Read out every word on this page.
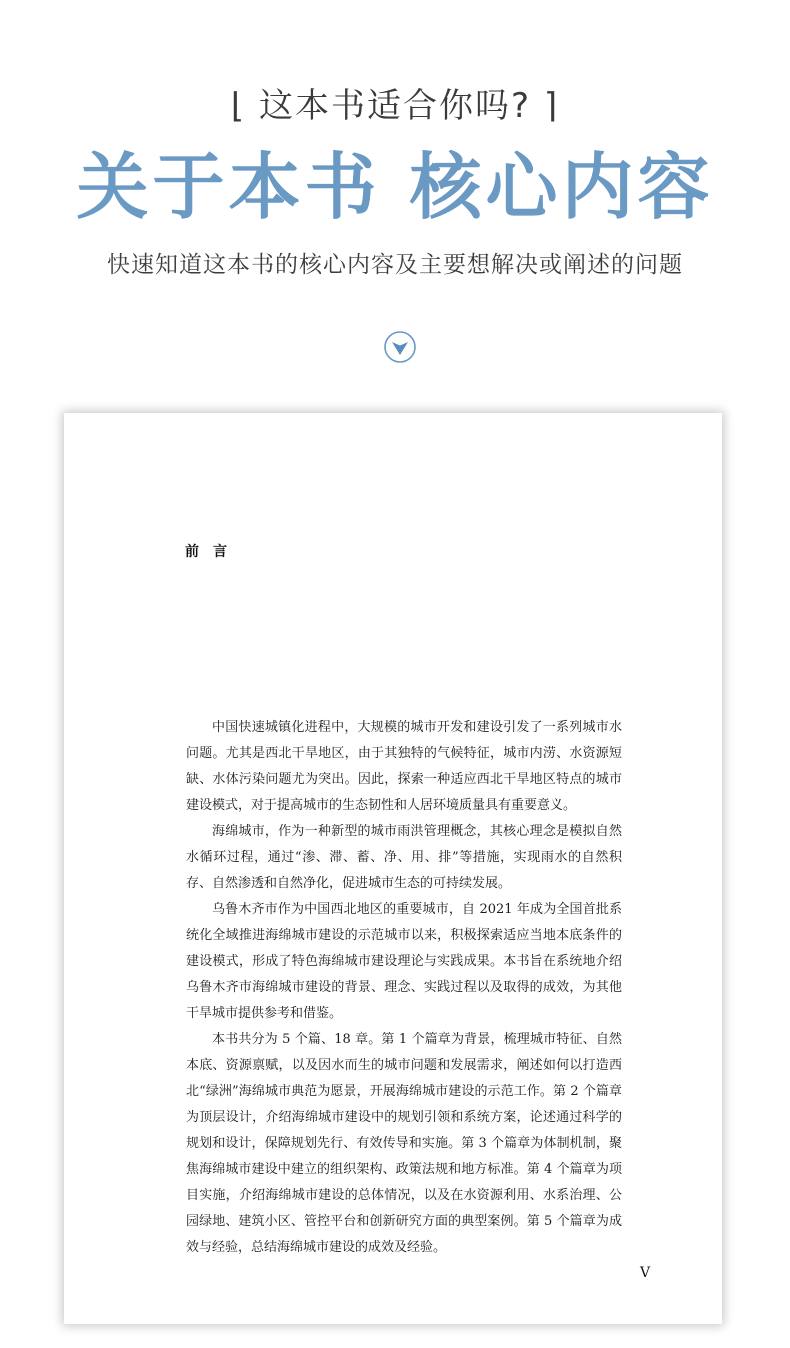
⌊ 这本书适合你吗? ⌉
关于本书 核心内容
快速知道这本书的核心内容及主要想解决或阐述的问题
前言

中国快速城镇化进程中，大规模的城市开发和建设引发了一系列城市水问题。尤其是西北干旱地区，由于其独特的气候特征，城市内涝、水资源短缺、水体污染问题尤为突出。因此，探索一种适应西北干旱地区特点的城市建设模式，对于提高城市的生态韧性和人居环境质量具有重要意义。

海绵城市，作为一种新型的城市雨洪管理概念，其核心理念是模拟自然水循环过程，通过“渗、滞、蓄、净、用、排”等措施，实现雨水的自然积存、自然渗透和自然净化，促进城市生态的可持续发展。

乌鲁木齐市作为中国西北地区的重要城市，自 2021 年成为全国首批系统化全域推进海绵城市建设的示范城市以来，积极探索适应当地本底条件的建设模式，形成了特色海绵城市建设理论与实践成果。本书旨在系统地介绍乌鲁木齐市海绵城市建设的背景、理念、实践过程以及取得的成效，为其他干旱城市提供参考和借鉴。

本书共分为 5 个篇、18 章。第 1 个篇章为背景，梳理城市特征、自然本底、资源禀赋，以及因水而生的城市问题和发展需求，阐述如何以打造西北“绿洲”海绵城市典范为愿景，开展海绵城市建设的示范工作。第 2 个篇章为顶层设计，介绍海绵城市建设中的规划引领和系统方案，论述通过科学的规划和设计，保障规划先行、有效传导和实施。第 3 个篇章为体制机制，聚焦海绵城市建设中建立的组织架构、政策法规和地方标准。第 4 个篇章为项目实施，介绍海绵城市建设的总体情况，以及在水资源利用、水系治理、公园绿地、建筑小区、管控平台和创新研究方面的典型案例。第 5 个篇章为成效与经验，总结海绵城市建设的成效及经验。

V
